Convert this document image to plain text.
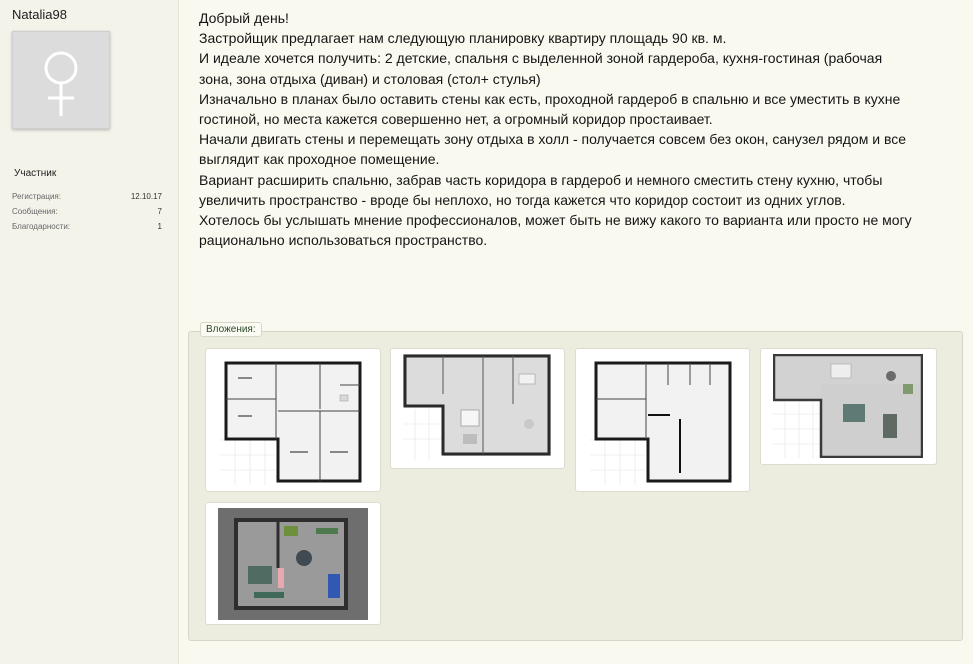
Natalia98
Участник
Регистрация:	12.10.17
Сообщения:	7
Благодарности:	1

Добрый день!

Застройщик предлагает нам следующую планировку квартиру площадь 90 кв. м.

И идеале хочется получить: 2 детские, спальня с выделенной зоной гардероба, кухня-гостиная (рабочая

зона, зона отдыха (диван) и столовая (стол+ стулья)

Изначально в планах было оставить стены как есть, проходной гардероб в спальню и все уместить в кухне

гостиной, но места кажется совершенно нет, а огромный коридор простаивает.

Начали двигать стены и перемещать зону отдыха в холл - получается совсем без окон, санузел рядом и все

выглядит как проходное помещение.

Вариант расширить спальню, забрав часть коридора в гардероб и немного сместить стену кухню, чтобы

увеличить пространство - вроде бы неплохо, но тогда кажется что коридор состоит из одних углов.

Хотелось бы услышать мнение профессионалов, может быть не вижу какого то варианта или просто не могу

рационально использоваться пространство.

Вложения:
